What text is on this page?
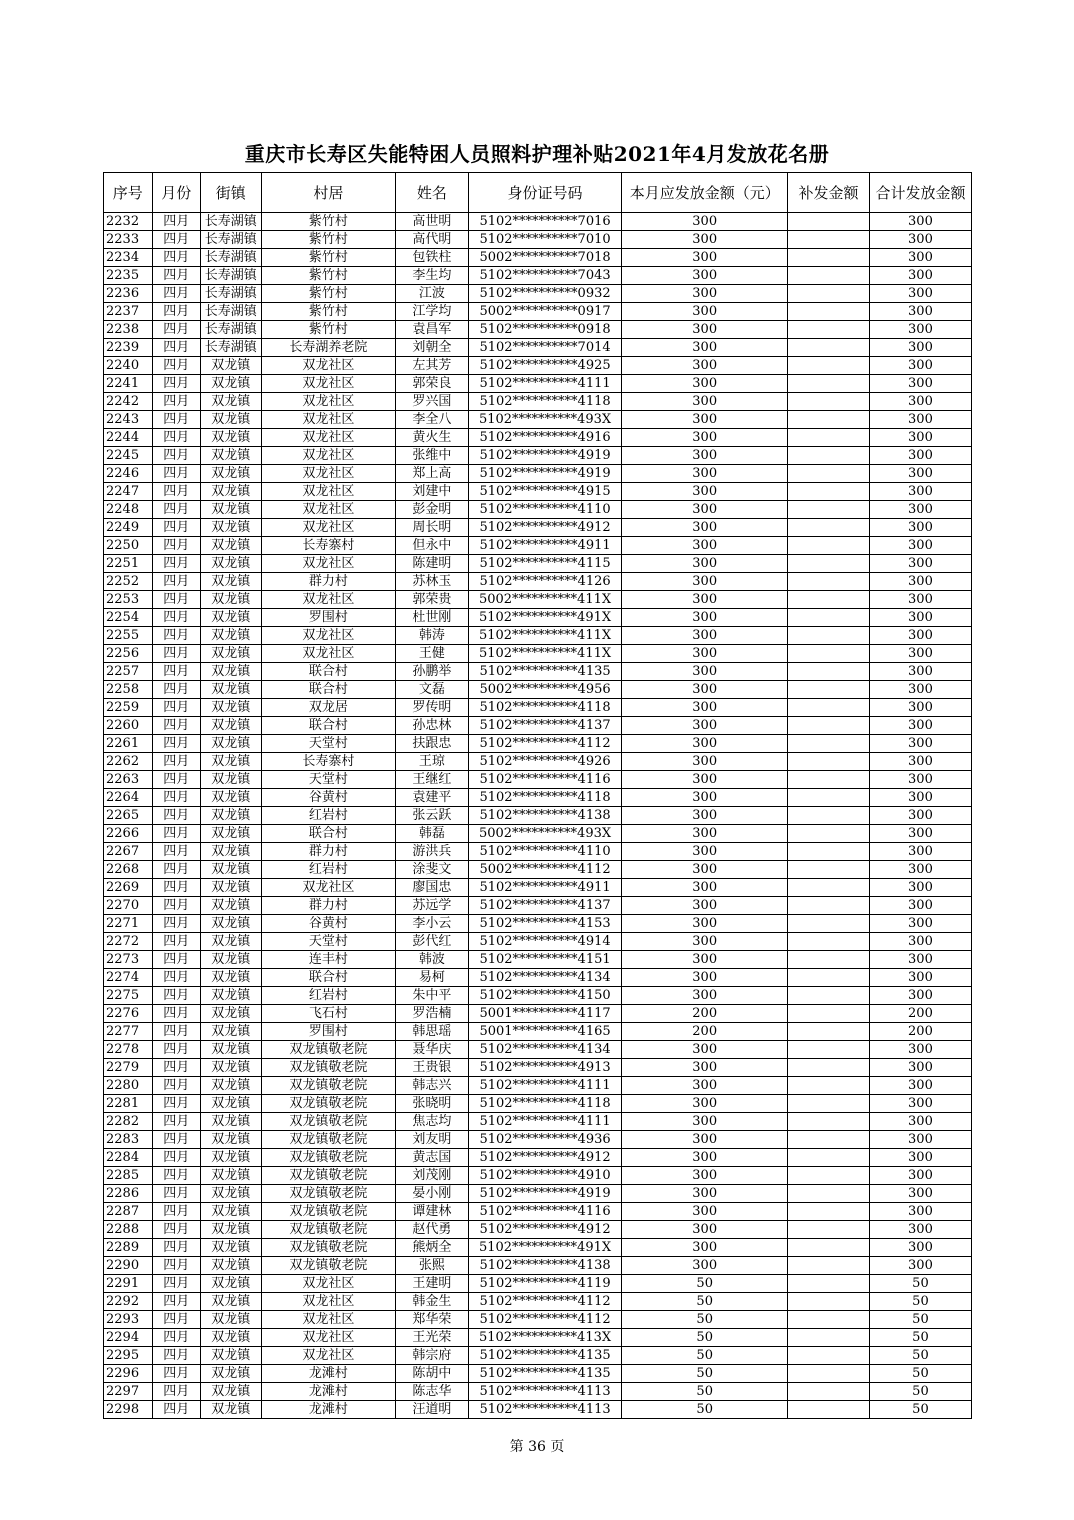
重庆市长寿区失能特困人员照料护理补贴2021年4月发放花名册
序号	月份	街镇	村居	姓名	身份证号码	本月应发放金额（元）	补发金额	合计发放金额
2232	四月	长寿湖镇	紫竹村	高世明	5102**********7016	300		300
2233	四月	长寿湖镇	紫竹村	高代明	5102**********7010	300		300
2234	四月	长寿湖镇	紫竹村	包铁柱	5002**********7018	300		300
2235	四月	长寿湖镇	紫竹村	李生均	5102**********7043	300		300
2236	四月	长寿湖镇	紫竹村	江波	5102**********0932	300		300
2237	四月	长寿湖镇	紫竹村	江学均	5002**********0917	300		300
2238	四月	长寿湖镇	紫竹村	袁昌军	5102**********0918	300		300
2239	四月	长寿湖镇	长寿湖养老院	刘朝全	5102**********7014	300		300
2240	四月	双龙镇	双龙社区	左其芳	5102**********4925	300		300
2241	四月	双龙镇	双龙社区	郭荣良	5102**********4111	300		300
2242	四月	双龙镇	双龙社区	罗兴国	5102**********4118	300		300
2243	四月	双龙镇	双龙社区	李全八	5102**********493X	300		300
2244	四月	双龙镇	双龙社区	黄火生	5102**********4916	300		300
2245	四月	双龙镇	双龙社区	张维中	5102**********4919	300		300
2246	四月	双龙镇	双龙社区	郑上高	5102**********4919	300		300
2247	四月	双龙镇	双龙社区	刘建中	5102**********4915	300		300
2248	四月	双龙镇	双龙社区	彭金明	5102**********4110	300		300
2249	四月	双龙镇	双龙社区	周长明	5102**********4912	300		300
2250	四月	双龙镇	长寿寨村	但永中	5102**********4911	300		300
2251	四月	双龙镇	双龙社区	陈建明	5102**********4115	300		300
2252	四月	双龙镇	群力村	苏林玉	5102**********4126	300		300
2253	四月	双龙镇	双龙社区	郭荣贵	5002**********411X	300		300
2254	四月	双龙镇	罗围村	杜世刚	5102**********491X	300		300
2255	四月	双龙镇	双龙社区	韩涛	5102**********411X	300		300
2256	四月	双龙镇	双龙社区	王健	5102**********411X	300		300
2257	四月	双龙镇	联合村	孙鹏举	5102**********4135	300		300
2258	四月	双龙镇	联合村	文磊	5002**********4956	300		300
2259	四月	双龙镇	双龙居	罗传明	5102**********4118	300		300
2260	四月	双龙镇	联合村	孙忠林	5102**********4137	300		300
2261	四月	双龙镇	天堂村	扶跟忠	5102**********4112	300		300
2262	四月	双龙镇	长寿寨村	王琼	5102**********4926	300		300
2263	四月	双龙镇	天堂村	王继红	5102**********4116	300		300
2264	四月	双龙镇	谷黄村	袁建平	5102**********4118	300		300
2265	四月	双龙镇	红岩村	张云跃	5102**********4138	300		300
2266	四月	双龙镇	联合村	韩磊	5002**********493X	300		300
2267	四月	双龙镇	群力村	游洪兵	5102**********4110	300		300
2268	四月	双龙镇	红岩村	涂斐文	5002**********4112	300		300
2269	四月	双龙镇	双龙社区	廖国忠	5102**********4911	300		300
2270	四月	双龙镇	群力村	苏远学	5102**********4137	300		300
2271	四月	双龙镇	谷黄村	李小云	5102**********4153	300		300
2272	四月	双龙镇	天堂村	彭代红	5102**********4914	300		300
2273	四月	双龙镇	连丰村	韩波	5102**********4151	300		300
2274	四月	双龙镇	联合村	易柯	5102**********4134	300		300
2275	四月	双龙镇	红岩村	朱中平	5102**********4150	300		300
2276	四月	双龙镇	飞石村	罗浩楠	5001**********4117	200		200
2277	四月	双龙镇	罗围村	韩思瑶	5001**********4165	200		200
2278	四月	双龙镇	双龙镇敬老院	聂华庆	5102**********4134	300		300
2279	四月	双龙镇	双龙镇敬老院	王贵银	5102**********4913	300		300
2280	四月	双龙镇	双龙镇敬老院	韩志兴	5102**********4111	300		300
2281	四月	双龙镇	双龙镇敬老院	张晓明	5102**********4118	300		300
2282	四月	双龙镇	双龙镇敬老院	焦志均	5102**********4111	300		300
2283	四月	双龙镇	双龙镇敬老院	刘友明	5102**********4936	300		300
2284	四月	双龙镇	双龙镇敬老院	黄志国	5102**********4912	300		300
2285	四月	双龙镇	双龙镇敬老院	刘茂刚	5102**********4910	300		300
2286	四月	双龙镇	双龙镇敬老院	晏小刚	5102**********4919	300		300
2287	四月	双龙镇	双龙镇敬老院	谭建林	5102**********4116	300		300
2288	四月	双龙镇	双龙镇敬老院	赵代勇	5102**********4912	300		300
2289	四月	双龙镇	双龙镇敬老院	熊炳全	5102**********491X	300		300
2290	四月	双龙镇	双龙镇敬老院	张熙	5102**********4138	300		300
2291	四月	双龙镇	双龙社区	王建明	5102**********4119	50		50
2292	四月	双龙镇	双龙社区	韩金生	5102**********4112	50		50
2293	四月	双龙镇	双龙社区	郑华荣	5102**********4112	50		50
2294	四月	双龙镇	双龙社区	王光荣	5102**********413X	50		50
2295	四月	双龙镇	双龙社区	韩宗府	5102**********4135	50		50
2296	四月	双龙镇	龙滩村	陈胡中	5102**********4135	50		50
2297	四月	双龙镇	龙滩村	陈志华	5102**********4113	50		50
2298	四月	双龙镇	龙滩村	汪道明	5102**********4113	50		50
第 36 页
